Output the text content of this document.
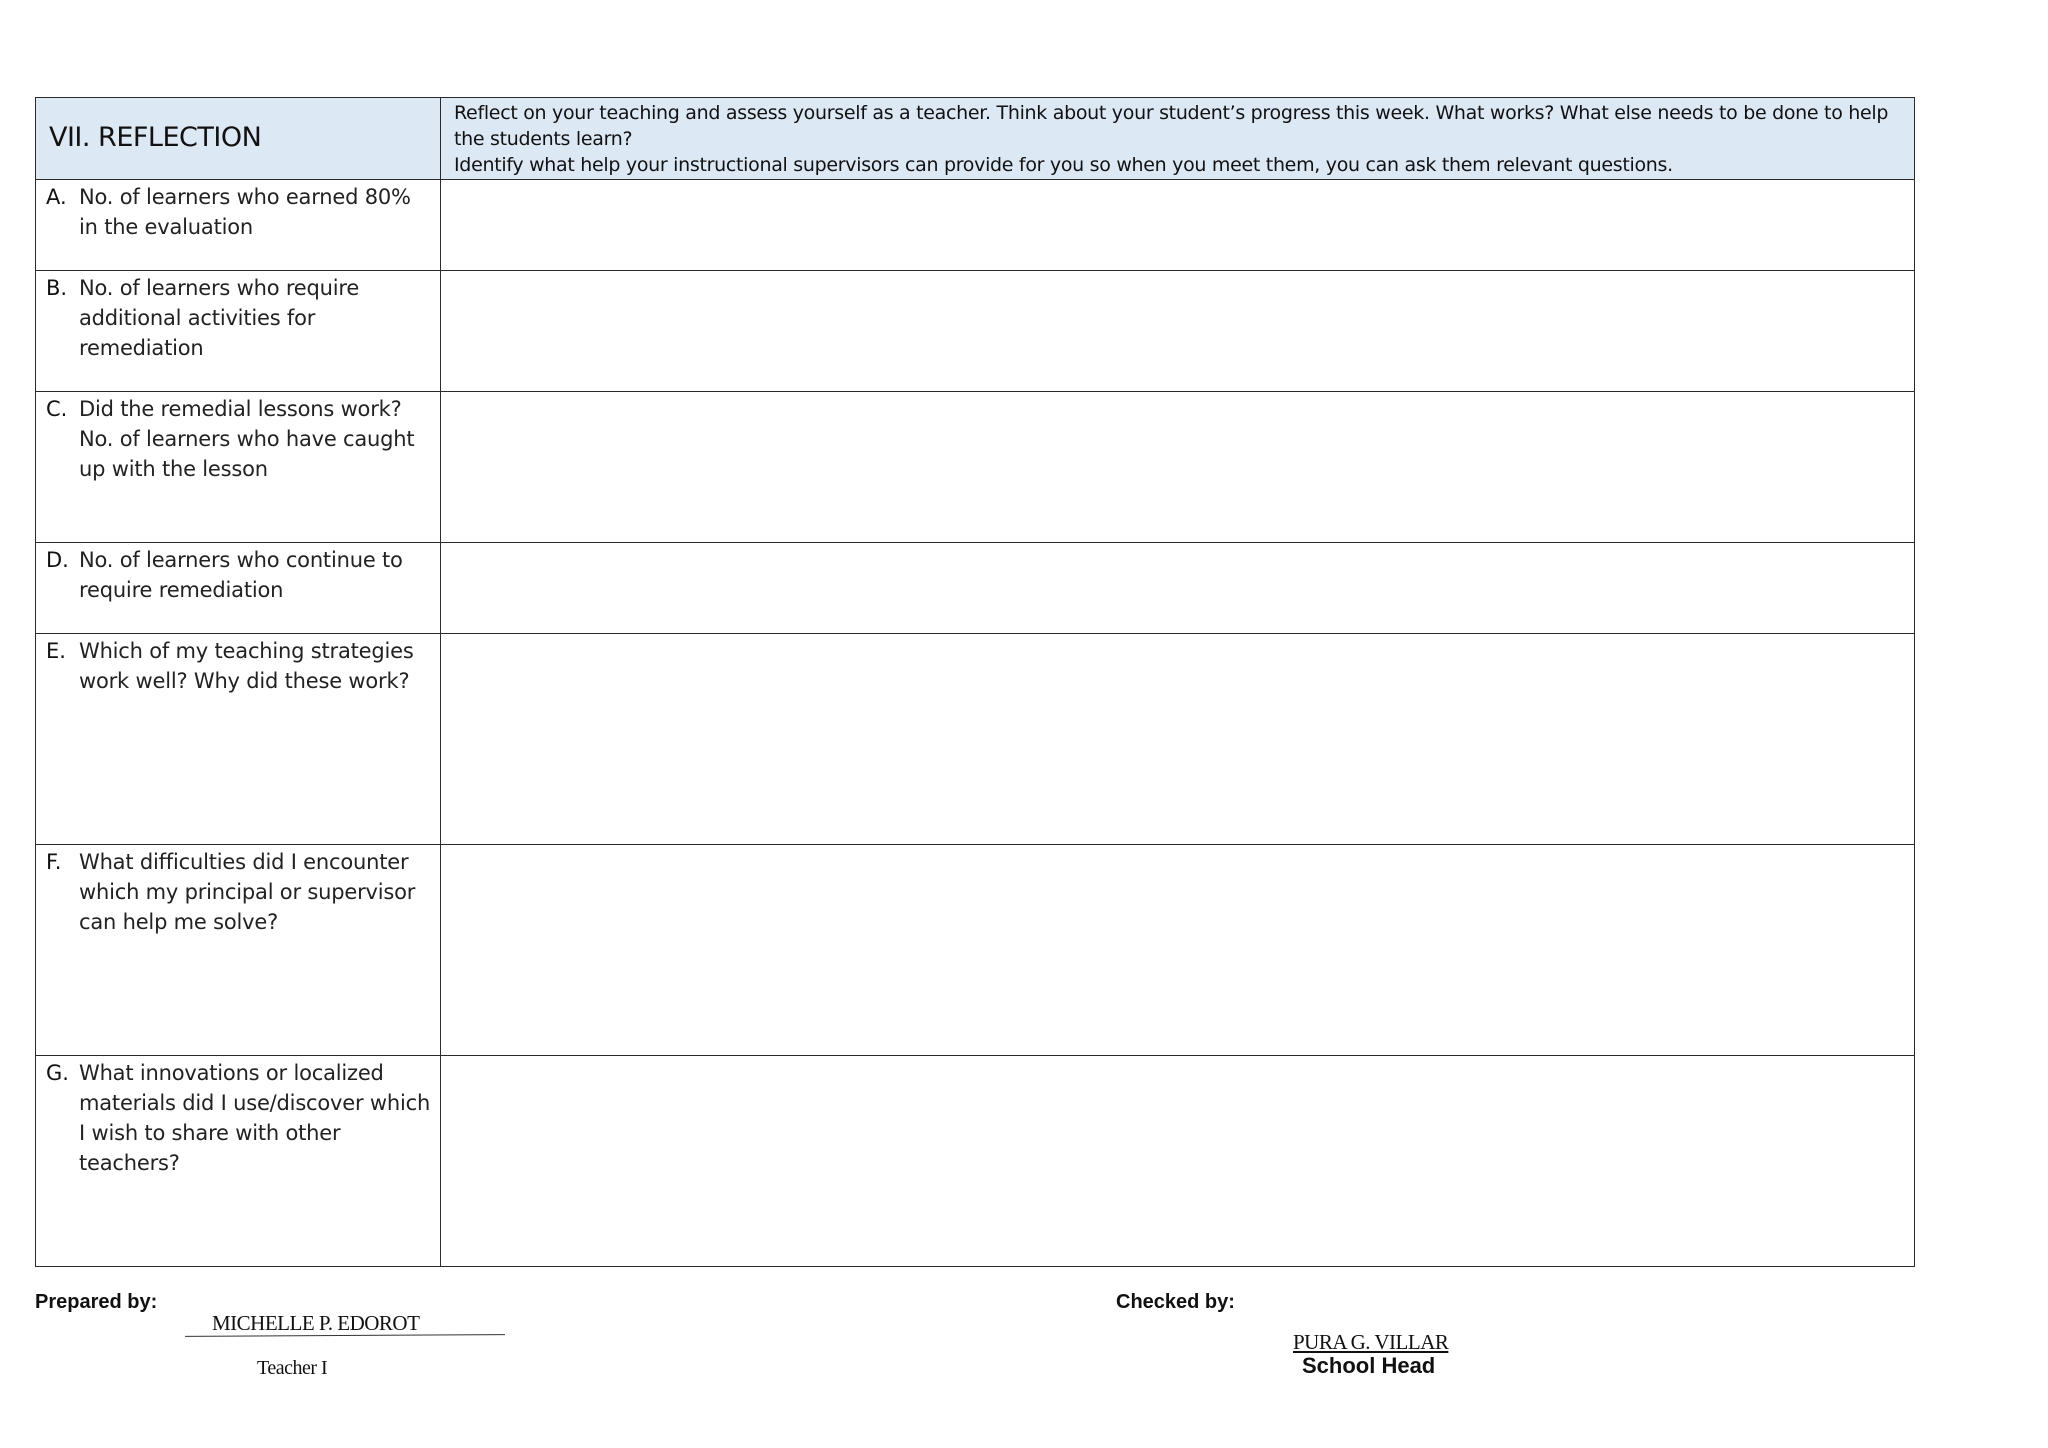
VII. REFLECTION	Reflect on your teaching and assess yourself as a teacher. Think about your student’s progress this week. What works? What else needs to be done to help the students learn?
Identify what help your instructional supervisors can provide for you so when you meet them, you can ask them relevant questions.

A. No. of learners who earned 80% in the evaluation	

B. No. of learners who require additional activities for remediation	

C. Did the remedial lessons work? No. of learners who have caught up with the lesson	

D. No. of learners who continue to require remediation	

E. Which of my teaching strategies work well? Why did these work?	

F. What difficulties did I encounter which my principal or supervisor can help me solve?	

G. What innovations or localized materials did I use/discover which I wish to share with other teachers?	

Prepared by:
MICHELLE P. EDOROT
Teacher I
Checked by:
PURA G. VILLAR
School Head
